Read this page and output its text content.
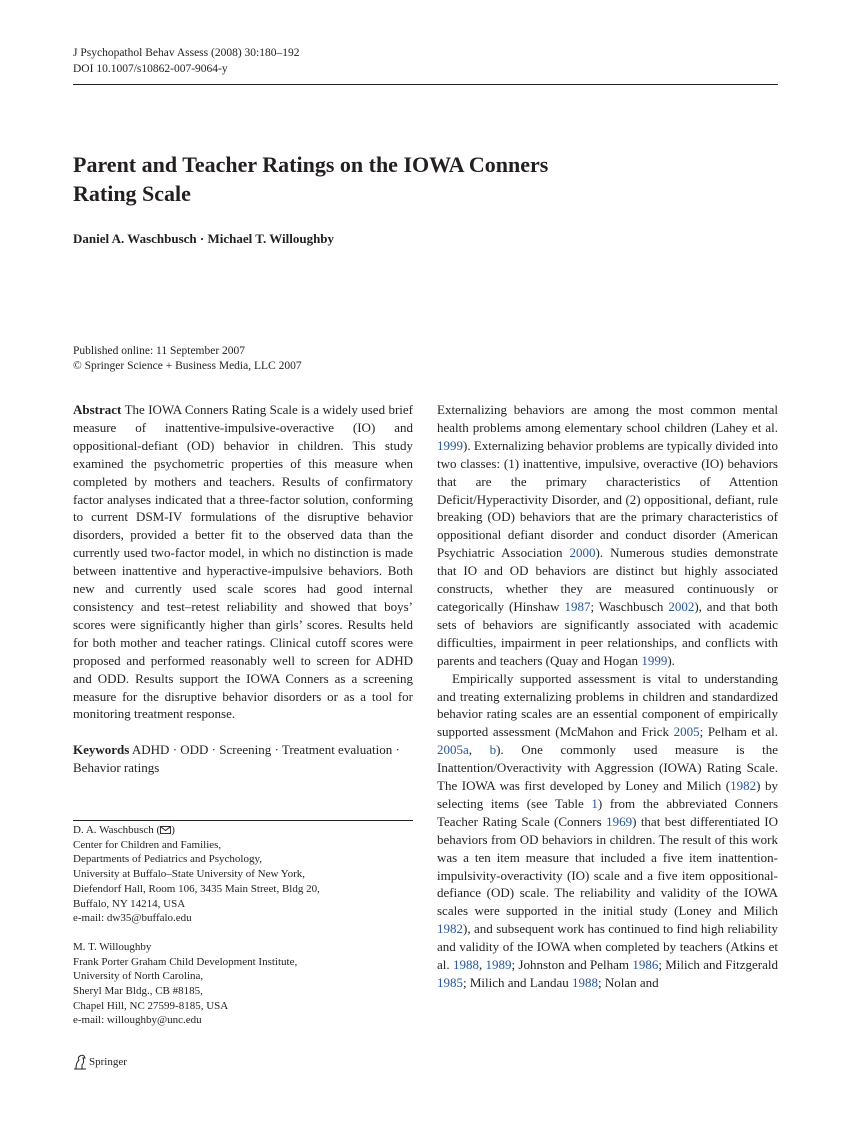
J Psychopathol Behav Assess (2008) 30:180–192
DOI 10.1007/s10862-007-9064-y
Parent and Teacher Ratings on the IOWA Conners
Rating Scale
Daniel A. Waschbusch · Michael T. Willoughby
Published online: 11 September 2007
© Springer Science + Business Media, LLC 2007
Abstract The IOWA Conners Rating Scale is a widely used brief measure of inattentive-impulsive-overactive (IO) and oppositional-defiant (OD) behavior in children. This study examined the psychometric properties of this measure when completed by mothers and teachers. Results of confirmatory factor analyses indicated that a three-factor solution, conforming to current DSM-IV formulations of the disruptive behavior disorders, provided a better fit to the observed data than the currently used two-factor model, in which no distinction is made between inattentive and hyperactive-impulsive behaviors. Both new and currently used scale scores had good internal consistency and test–retest reliability and showed that boys’ scores were significantly higher than girls’ scores. Results held for both mother and teacher ratings. Clinical cutoff scores were proposed and performed reasonably well to screen for ADHD and ODD. Results support the IOWA Conners as a screening measure for the disruptive behavior disorders or as a tool for monitoring treatment response.
Keywords ADHD · ODD · Screening · Treatment evaluation · Behavior ratings
D. A. Waschbusch ( )
Center for Children and Families,
Departments of Pediatrics and Psychology,
University at Buffalo–State University of New York,
Diefendorf Hall, Room 106, 3435 Main Street, Bldg 20,
Buffalo, NY 14214, USA
e-mail: dw35@buffalo.edu
M. T. Willoughby
Frank Porter Graham Child Development Institute,
University of North Carolina,
Sheryl Mar Bldg., CB #8185,
Chapel Hill, NC 27599-8185, USA
e-mail: willoughby@unc.edu

Externalizing behaviors are among the most common mental health problems among elementary school children (Lahey et al. 1999). Externalizing behavior problems are typically divided into two classes: (1) inattentive, impulsive, overactive (IO) behaviors that are the primary characteristics of Attention Deficit/Hyperactivity Disorder, and (2) oppositional, defiant, rule breaking (OD) behaviors that are the primary characteristics of oppositional defiant disorder and conduct disorder (American Psychiatric Association 2000). Numerous studies demonstrate that IO and OD behaviors are distinct but highly associated constructs, whether they are measured continuously or categorically (Hinshaw 1987; Waschbusch 2002), and that both sets of behaviors are significantly associated with academic difficulties, impairment in peer relationships, and conflicts with parents and teachers (Quay and Hogan 1999).

Empirically supported assessment is vital to understanding and treating externalizing problems in children and standardized behavior rating scales are an essential component of empirically supported assessment (McMahon and Frick 2005; Pelham et al. 2005a, b). One commonly used measure is the Inattention/Overactivity with Aggression (IOWA) Rating Scale. The IOWA was first developed by Loney and Milich (1982) by selecting items (see Table 1) from the abbreviated Conners Teacher Rating Scale (Conners 1969) that best differentiated IO behaviors from OD behaviors in children. The result of this work was a ten item measure that included a five item inattention-impulsivity-overactivity (IO) scale and a five item oppositional-defiance (OD) scale. The reliability and validity of the IOWA scales were supported in the initial study (Loney and Milich 1982), and subsequent work has continued to find high reliability and validity of the IOWA when completed by teachers (Atkins et al. 1988, 1989; Johnston and Pelham 1986; Milich and Fitzgerald 1985; Milich and Landau 1988; Nolan and

Springer
